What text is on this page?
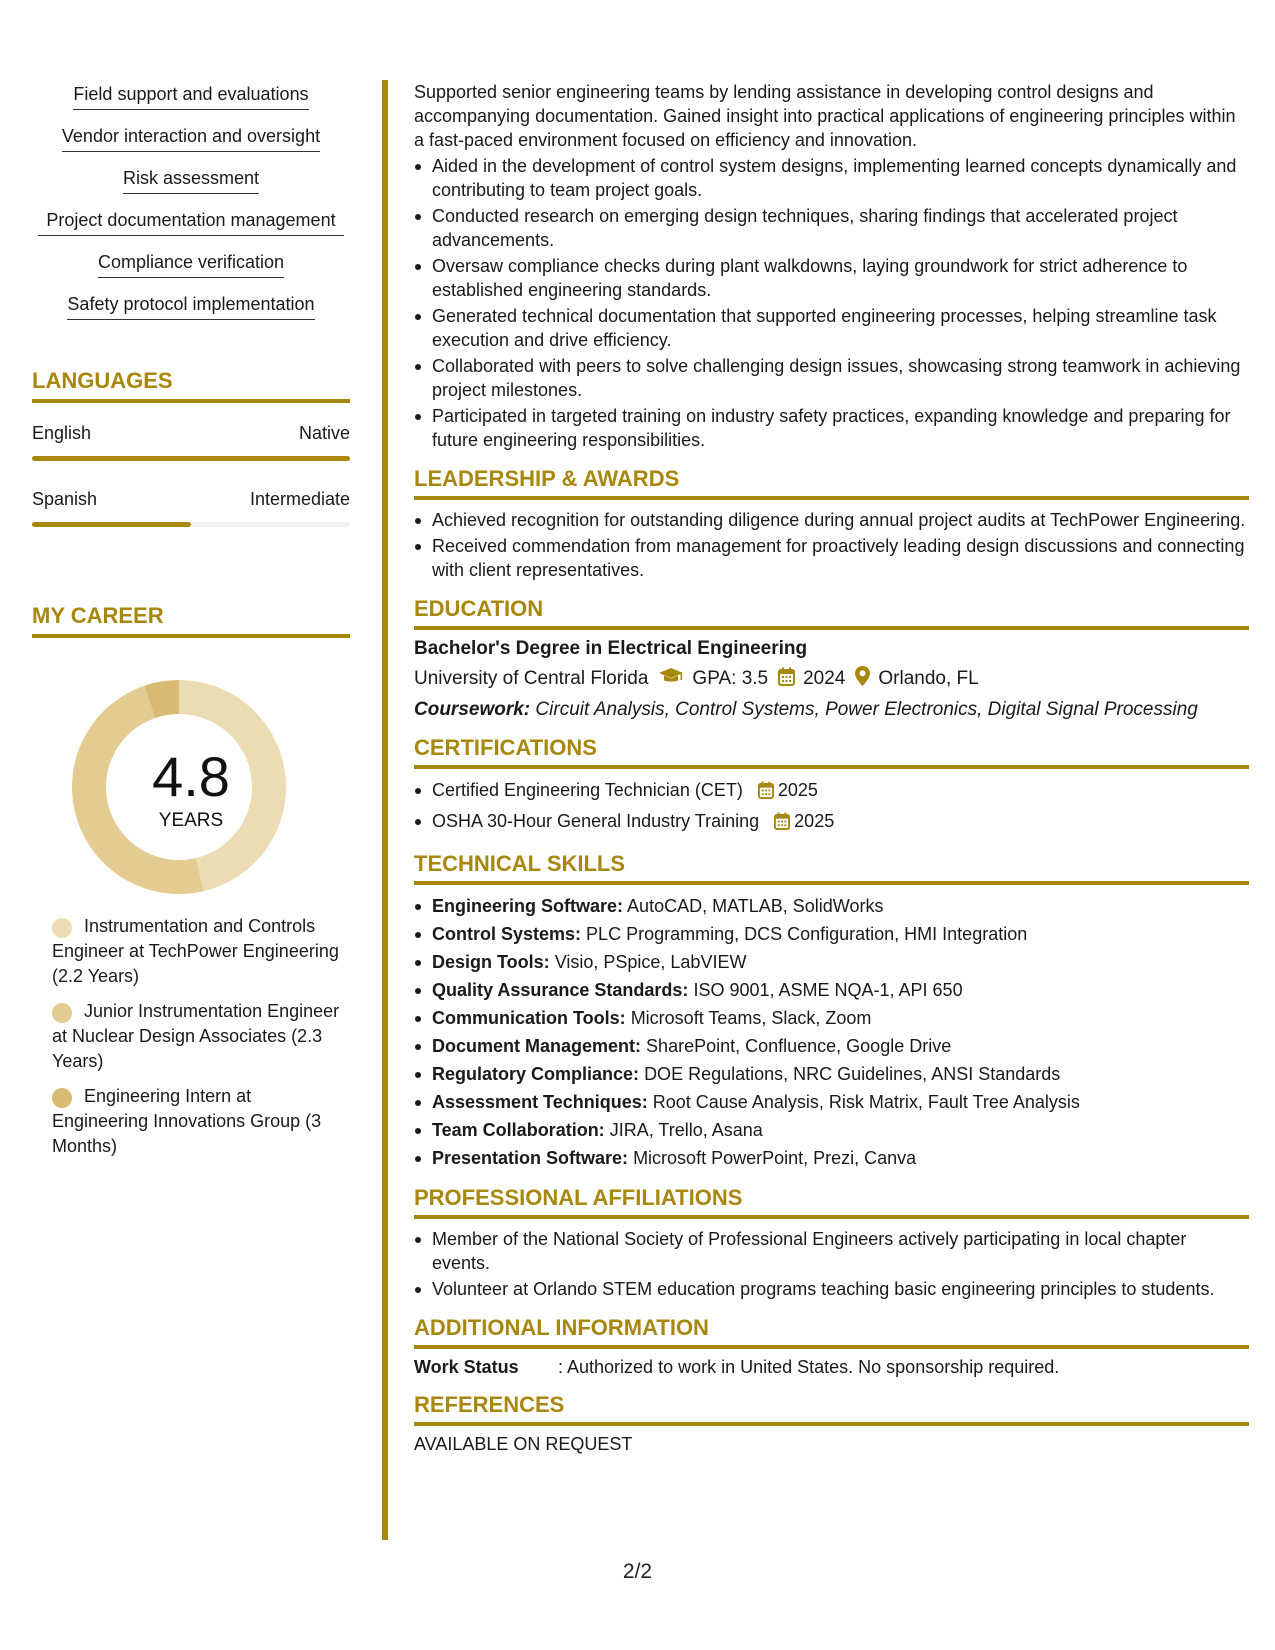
Field support and evaluations
Vendor interaction and oversight
Risk assessment
Project documentation management
Compliance verification
Safety protocol implementation
LANGUAGES
English	Native
Spanish	Intermediate
MY CAREER
4.8
YEARS
Instrumentation and Controls Engineer at TechPower Engineering (2.2 Years)
Junior Instrumentation Engineer at Nuclear Design Associates (2.3 Years)
Engineering Intern at Engineering Innovations Group (3 Months)

Supported senior engineering teams by lending assistance in developing control designs and accompanying documentation. Gained insight into practical applications of engineering principles within a fast-paced environment focused on efficiency and innovation.

Aided in the development of control system designs, implementing learned concepts dynamically and contributing to team project goals.
Conducted research on emerging design techniques, sharing findings that accelerated project advancements.
Oversaw compliance checks during plant walkdowns, laying groundwork for strict adherence to established engineering standards.
Generated technical documentation that supported engineering processes, helping streamline task execution and drive efficiency.
Collaborated with peers to solve challenging design issues, showcasing strong teamwork in achieving project milestones.
Participated in targeted training on industry safety practices, expanding knowledge and preparing for future engineering responsibilities.
LEADERSHIP & AWARDS
Achieved recognition for outstanding diligence during annual project audits at TechPower Engineering.
Received commendation from management for proactively leading design discussions and connecting with client representatives.
EDUCATION
Bachelor's Degree in Electrical Engineering
University of Central Florida GPA: 3.5 2024 Orlando, FL
Coursework: Circuit Analysis, Control Systems, Power Electronics, Digital Signal Processing
CERTIFICATIONS
Certified Engineering Technician (CET) 2025
OSHA 30-Hour General Industry Training 2025
TECHNICAL SKILLS
Engineering Software: AutoCAD, MATLAB, SolidWorks
Control Systems: PLC Programming, DCS Configuration, HMI Integration
Design Tools: Visio, PSpice, LabVIEW
Quality Assurance Standards: ISO 9001, ASME NQA-1, API 650
Communication Tools: Microsoft Teams, Slack, Zoom
Document Management: SharePoint, Confluence, Google Drive
Regulatory Compliance: DOE Regulations, NRC Guidelines, ANSI Standards
Assessment Techniques: Root Cause Analysis, Risk Matrix, Fault Tree Analysis
Team Collaboration: JIRA, Trello, Asana
Presentation Software: Microsoft PowerPoint, Prezi, Canva
PROFESSIONAL AFFILIATIONS
Member of the National Society of Professional Engineers actively participating in local chapter events.
Volunteer at Orlando STEM education programs teaching basic engineering principles to students.
ADDITIONAL INFORMATION
Work Status	: Authorized to work in United States. No sponsorship required.
REFERENCES
AVAILABLE ON REQUEST
2/2
